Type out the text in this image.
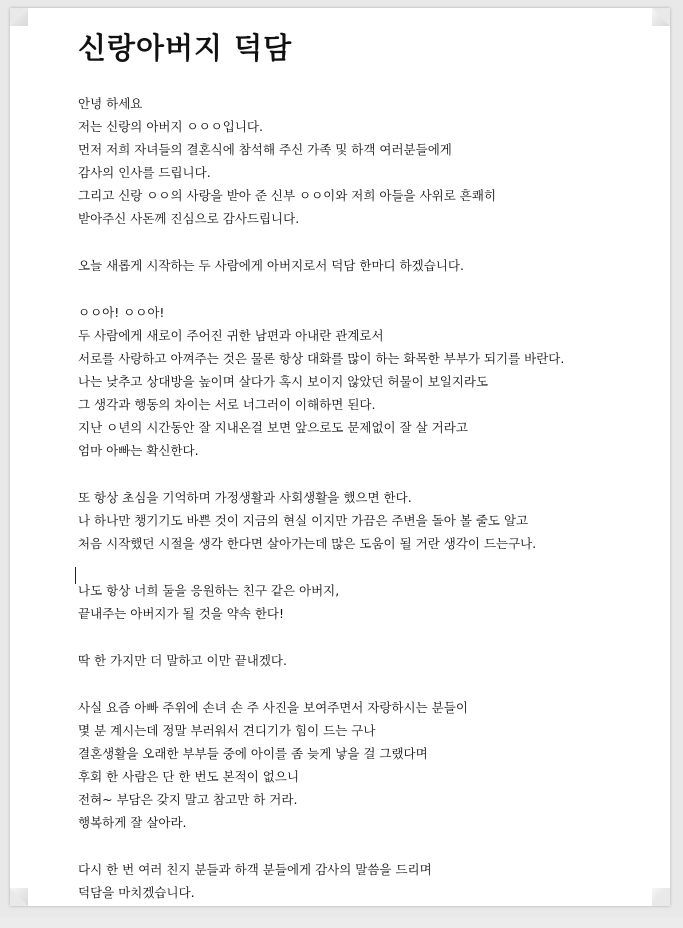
신랑아버지 덕담
안녕 하세요
저는 신랑의 아버지 ㅇㅇㅇ입니다.
먼저 저희 자녀들의 결혼식에 참석해 주신 가족 및 하객 여러분들에게
감사의 인사를 드립니다.
그리고 신랑 ㅇㅇ의 사랑을 받아 준 신부 ㅇㅇ이와 저희 아들을 사위로 흔쾌히
받아주신 사돈께 진심으로 감사드립니다.
오늘 새롭게 시작하는 두 사람에게 아버지로서 덕담 한마디 하겠습니다.
ㅇㅇ아! ㅇㅇ아!
두 사람에게 새로이 주어진 귀한 남편과 아내란 관계로서
서로를 사랑하고 아껴주는 것은 물론 항상 대화를 많이 하는 화목한 부부가 되기를 바란다.
나는 낮추고 상대방을 높이며 살다가 혹시 보이지 않았던 허물이 보일지라도
그 생각과 행동의 차이는 서로 너그러이 이해하면 된다.
지난 ㅇ년의 시간동안 잘 지내온걸 보면 앞으로도 문제없이 잘 살 거라고
엄마 아빠는 확신한다.
또 항상 초심을 기억하며 가정생활과 사회생활을 했으면 한다.
나 하나만 챙기기도 바쁜 것이 지금의 현실 이지만 가끔은 주변을 돌아 볼 줄도 알고
처음 시작했던 시절을 생각 한다면 살아가는데 많은 도움이 될 거란 생각이 드는구나.
나도 항상 너희 둘을 응원하는 친구 같은 아버지,
끝내주는 아버지가 될 것을 약속 한다!
딱 한 가지만 더 말하고 이만 끝내겠다.
사실 요즘 아빠 주위에 손녀 손 주 사진을 보여주면서 자랑하시는 분들이
몇 분 계시는데 정말 부러워서 견디기가 힘이 드는 구나
결혼생활을 오래한 부부들 중에 아이를 좀 늦게 낳을 걸 그랬다며
후회 한 사람은 단 한 번도 본적이 없으니
전혀~ 부담은 갖지 말고 참고만 하 거라.
행복하게 잘 살아라.
다시 한 번 여러 친지 분들과 하객 분들에게 감사의 말씀을 드리며
덕담을 마치겠습니다.
